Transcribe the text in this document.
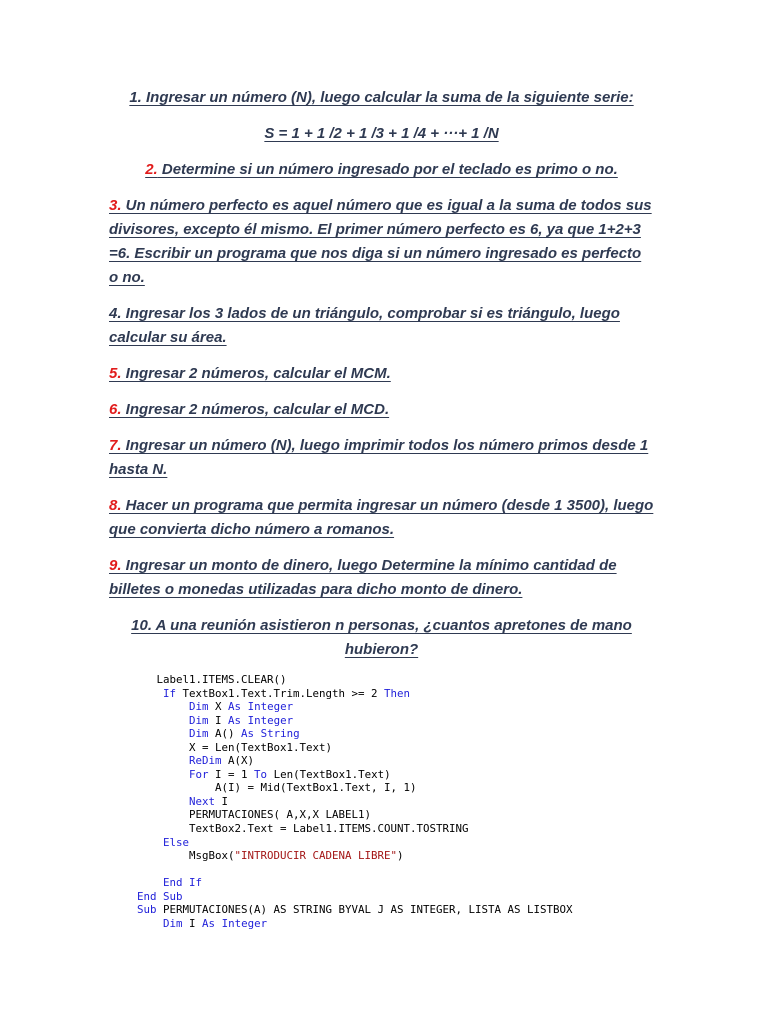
1. Ingresar un número (N), luego calcular la suma de la siguiente serie:
S = 1 + 1 /2 + 1 /3 + 1 /4 + ···+ 1 /N
2. Determine si un número ingresado por el teclado es primo o no.
3. Un número perfecto es aquel número que es igual a la suma de todos sus divisores, excepto él mismo. El primer número perfecto es 6, ya que 1+2+3 =6. Escribir un programa que nos diga si un número ingresado es perfecto o no.
4. Ingresar los 3 lados de un triángulo, comprobar si es triángulo, luego calcular su área.
5. Ingresar 2 números, calcular el MCM.
6. Ingresar 2 números, calcular el MCD.
7. Ingresar un número (N), luego imprimir todos los número primos desde 1 hasta N.
8. Hacer un programa que permita ingresar un número (desde 1 3500), luego que convierta dicho número a romanos.
9. Ingresar un monto de dinero, luego Determine la mínimo cantidad de billetes o monedas utilizadas para dicho monto de dinero.
10. A una reunión asistieron n personas, ¿cuantos apretones de mano hubieron?
Label1.ITEMS.CLEAR()
If TextBox1.Text.Trim.Length >= 2 Then
Dim X As Integer
Dim I As Integer
Dim A() As String
X = Len(TextBox1.Text)
ReDim A(X)
For I = 1 To Len(TextBox1.Text)
A(I) = Mid(TextBox1.Text, I, 1)
Next I
PERMUTACIONES( A,X,X LABEL1)
TextBox2.Text = Label1.ITEMS.COUNT.TOSTRING
Else
MsgBox("INTRODUCIR CADENA LIBRE")

End If
End Sub
Sub PERMUTACIONES(A) AS STRING BYVAL J AS INTEGER, LISTA AS LISTBOX
Dim I As Integer
